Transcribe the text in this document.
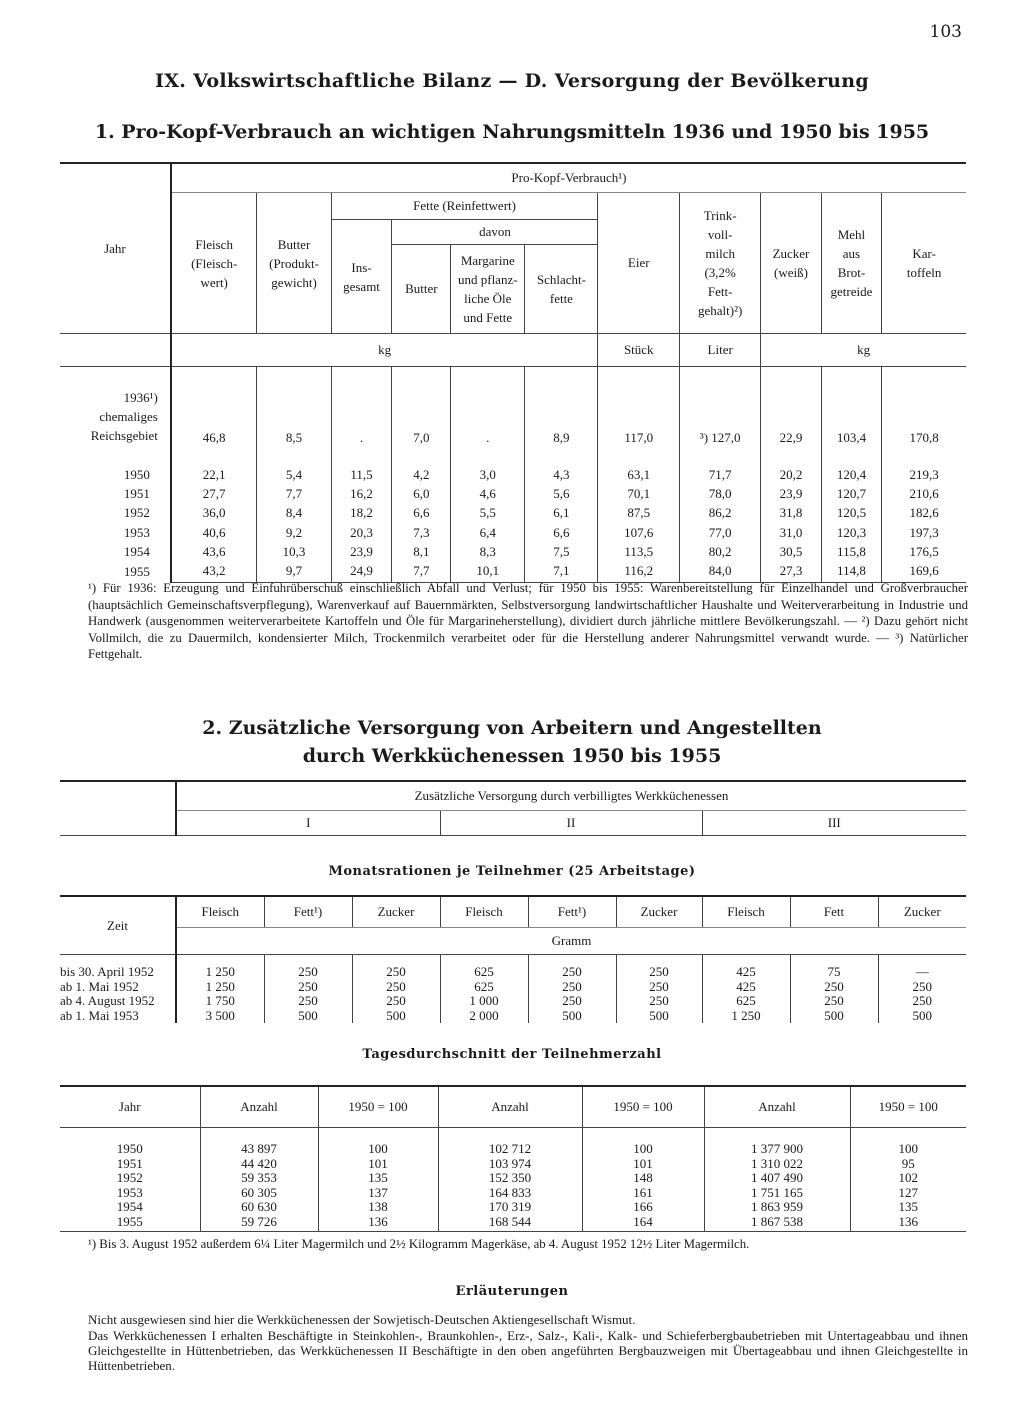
103
IX. Volkswirtschaftliche Bilanz — D. Versorgung der Bevölkerung
1. Pro-Kopf-Verbrauch an wichtigen Nahrungsmitteln 1936 und 1950 bis 1955
Jahr	Pro-Kopf-Verbrauch¹)										
	Fleisch (Fleisch-wert)	Butter (Produkt-gewicht)	Fette (Reinfettwert)				Eier	Trink-voll-milch (3,2% Fett-gehalt)²)	Zucker (weiß)	Mehl aus Brot-getreide	Kar-toffeln
			Ins-gesamt	davon							
				Butter	Margarine und pflanz-liche Öle und Fette	Schlacht-fette					
	kg						Stück	Liter	kg		

1936¹)
chemaliges
Reichsgebiet	46,8	8,5	.	7,0	.	8,9	117,0	³) 127,0	22,9	103,4	170,8

1950	22,1	5,4	11,5	4,2	3,0	4,3	63,1	71,7	20,2	120,4	219,3
1951	27,7	7,7	16,2	6,0	4,6	5,6	70,1	78,0	23,9	120,7	210,6
1952	36,0	8,4	18,2	6,6	5,5	6,1	87,5	86,2	31,8	120,5	182,6
1953	40,6	9,2	20,3	7,3	6,4	6,6	107,6	77,0	31,0	120,3	197,3
1954	43,6	10,3	23,9	8,1	8,3	7,5	113,5	80,2	30,5	115,8	176,5
1955	43,2	9,7	24,9	7,7	10,1	7,1	116,2	84,0	27,3	114,8	169,6
¹) Für 1936: Erzeugung und Einfuhrüberschuß einschließlich Abfall und Verlust; für 1950 bis 1955: Warenbereitstellung für Einzelhandel und Großverbraucher (hauptsächlich Gemeinschaftsverpflegung), Warenverkauf auf Bauernmärkten, Selbstversorgung landwirtschaftlicher Haushalte und Weiterverarbeitung in Industrie und Handwerk (ausgenommen weiterverarbeitete Kartoffeln und Öle für Margarineherstellung), dividiert durch jährliche mittlere Bevölkerungszahl. — ²) Dazu gehört nicht Vollmilch, die zu Dauermilch, kondensierter Milch, Trockenmilch verarbeitet oder für die Herstellung anderer Nahrungsmittel verwandt wurde. — ³) Natürlicher Fettgehalt.
2. Zusätzliche Versorgung von Arbeitern und Angestellten
durch Werkküchenessen 1950 bis 1955
	Zusätzliche Versorgung durch verbilligtes Werkküchenessen		
	I	II	III
Monatsrationen je Teilnehmer (25 Arbeitstage)
Zeit	Fleisch	Fett¹)	Zucker	Fleisch	Fett¹)	Zucker	Fleisch	Fett	Zucker
	Gramm								
bis 30. April 1952	1 250	250	250	625	250	250	425	75	—
ab 1. Mai 1952	1 250	250	250	625	250	250	425	250	250
ab 4. August 1952	1 750	250	250	1 000	250	250	625	250	250
ab 1. Mai 1953	3 500	500	500	2 000	500	500	1 250	500	500
Tagesdurchschnitt der Teilnehmerzahl
Jahr	Anzahl	1950 = 100	Anzahl	1950 = 100	Anzahl	1950 = 100
1950	43 897	100	102 712	100	1 377 900	100
1951	44 420	101	103 974	101	1 310 022	95
1952	59 353	135	152 350	148	1 407 490	102
1953	60 305	137	164 833	161	1 751 165	127
1954	60 630	138	170 319	166	1 863 959	135
1955	59 726	136	168 544	164	1 867 538	136
¹) Bis 3. August 1952 außerdem 6¼ Liter Magermilch und 2½ Kilogramm Magerkäse, ab 4. August 1952 12½ Liter Magermilch.
Erläuterungen
Nicht ausgewiesen sind hier die Werkküchenessen der Sowjetisch-Deutschen Aktiengesellschaft Wismut.
Das Werkküchenessen I erhalten Beschäftigte in Steinkohlen-, Braunkohlen-, Erz-, Salz-, Kali-, Kalk- und Schieferbergbaubetrieben mit Untertageabbau und ihnen Gleichgestellte in Hüttenbetrieben, das Werkküchenessen II Beschäftigte in den oben angeführten Bergbauzweigen mit Übertageabbau und ihnen Gleichgestellte in Hüttenbetrieben.
